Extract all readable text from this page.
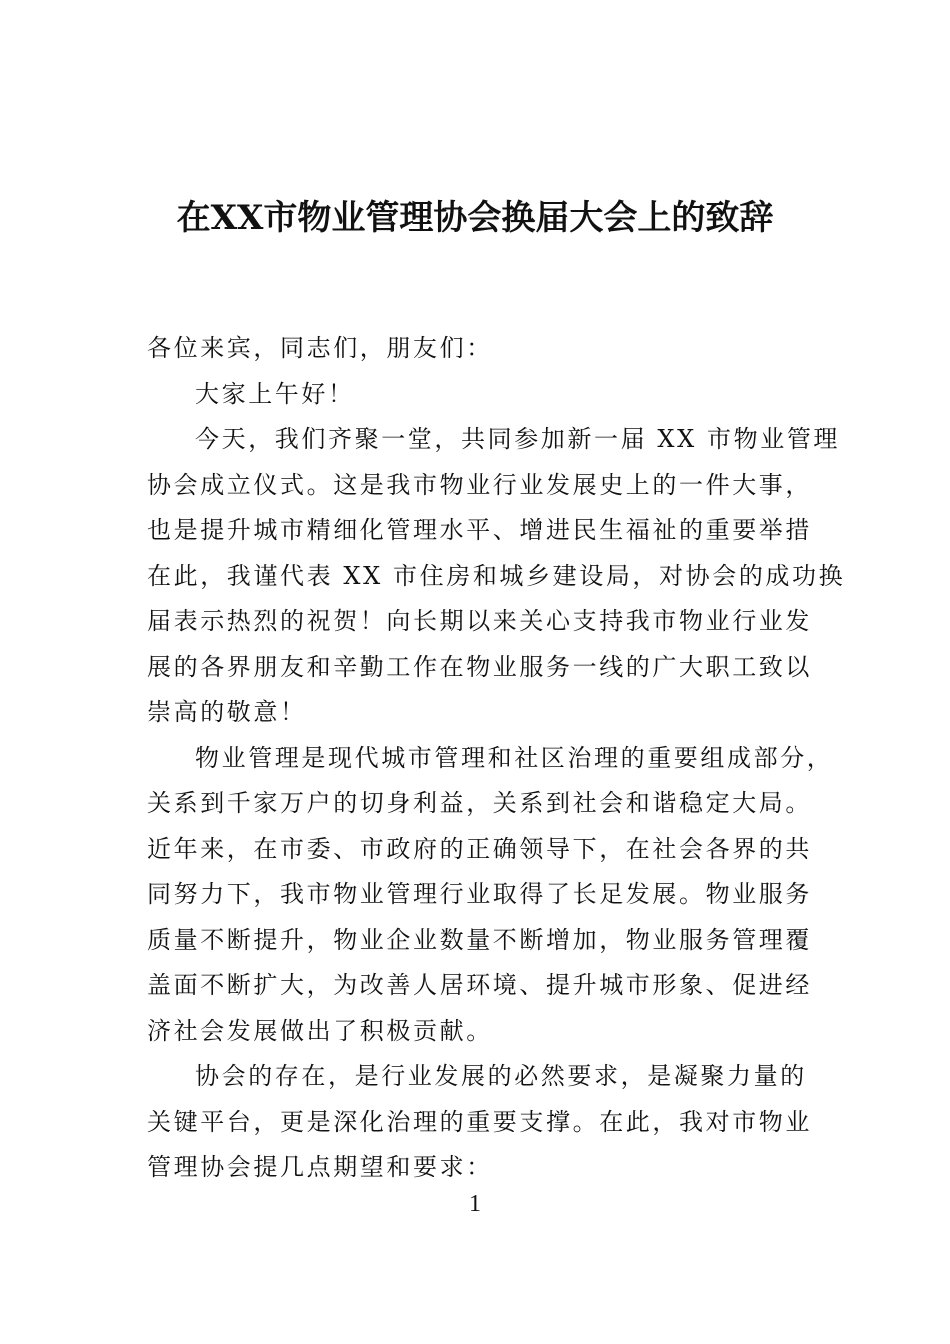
在XX市物业管理协会换届大会上的致辞
各位来宾，同志们，朋友们：
大家上午好！
今天，我们齐聚一堂，共同参加新一届 XX 市物业管理
协会成立仪式。这是我市物业行业发展史上的一件大事，
也是提升城市精细化管理水平、增进民生福祉的重要举措
在此，我谨代表 XX 市住房和城乡建设局，对协会的成功换
届表示热烈的祝贺！向长期以来关心支持我市物业行业发
展的各界朋友和辛勤工作在物业服务一线的广大职工致以
崇高的敬意！
物业管理是现代城市管理和社区治理的重要组成部分，
关系到千家万户的切身利益，关系到社会和谐稳定大局。
近年来，在市委、市政府的正确领导下，在社会各界的共
同努力下，我市物业管理行业取得了长足发展。物业服务
质量不断提升，物业企业数量不断增加，物业服务管理覆
盖面不断扩大，为改善人居环境、提升城市形象、促进经
济社会发展做出了积极贡献。
协会的存在，是行业发展的必然要求，是凝聚力量的
关键平台，更是深化治理的重要支撑。在此，我对市物业
管理协会提几点期望和要求：
1
